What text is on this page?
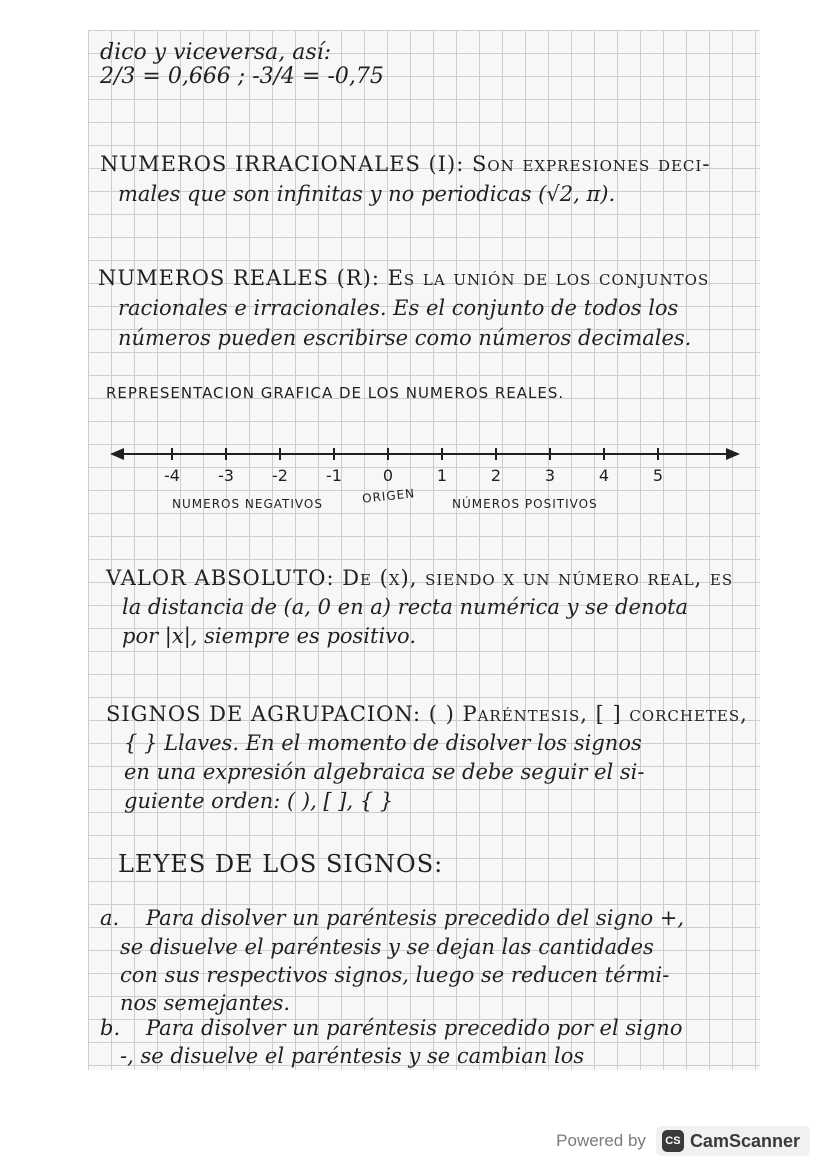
dico y viceversa, así:
2/3 = 0,666 ; -3/4 = -0,75
NUMEROS IRRACIONALES (I): Son expresiones deci-
males que son infinitas y no periodicas (√2, π).
NUMEROS REALES (R): Es la unión de los conjuntos
racionales e irracionales. Es el conjunto de todos los
números pueden escribirse como números decimales.
REPRESENTACION GRAFICA DE LOS NUMEROS REALES.
-4 -3 -2 -1	0	1	2	3	4	5
NUMEROS NEGATIVOS	ORIGEN	NÚMEROS POSITIVOS
VALOR ABSOLUTO: De (x), siendo x un número real, es
la distancia de (a, 0 en a) recta numérica y se denota
por |x|, siempre es positivo.
SIGNOS DE AGRUPACION: ( ) Paréntesis, [ ] corchetes,
{ } Llaves. En el momento de disolver los signos
en una expresión algebraica se debe seguir el si-
guiente orden: ( ), [ ], { }
LEYES DE LOS SIGNOS:
a. Para disolver un paréntesis precedido del signo +,
se disuelve el paréntesis y se dejan las cantidades
con sus respectivos signos, luego se reducen térmi-
nos semejantes.
b. Para disolver un paréntesis precedido por el signo
-, se disuelve el paréntesis y se cambian los
Powered by	CS CamScanner
